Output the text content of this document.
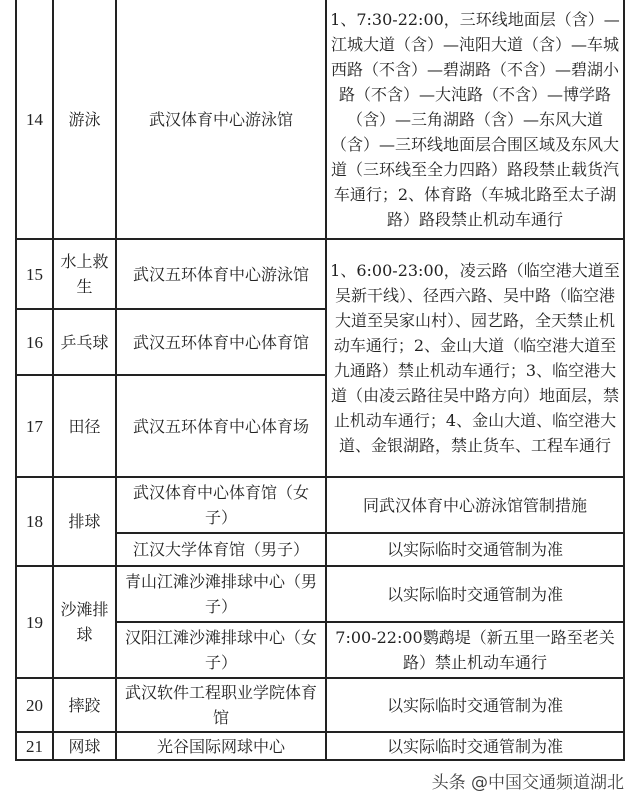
14	游泳	武汉体育中心游泳馆	1、7:30-22:00，三环线地面层（含）—江城大道（含）—沌阳大道（含）—车城西路（不含）—碧湖路（不含）—碧湖小路（不含）—大沌路（不含）—博学路（含）—三角湖路（含）—东风大道（含）—三环线地面层合围区域及东风大道（三环线至全力四路）路段禁止载货汽车通行；2、体育路（车城北路至太子湖路）路段禁止机动车通行
15	水上救生	武汉五环体育中心游泳馆	1、6:00-23:00，凌云路（临空港大道至吴新干线）、径西六路、吴中路（临空港大道至吴家山村）、园艺路，全天禁止机动车通行；2、金山大道（临空港大道至九通路）禁止机动车通行；3、临空港大道（由凌云路往吴中路方向）地面层，禁止机动车通行；4、金山大道、临空港大道、金银湖路，禁止货车、工程车通行
16	乒乓球	武汉五环体育中心体育馆	
17	田径	武汉五环体育中心体育场	
18	排球	武汉体育中心体育馆（女子）	同武汉体育中心游泳馆管制措施
		江汉大学体育馆（男子）	以实际临时交通管制为准
19	沙滩排球	青山江滩沙滩排球中心（男子）	以实际临时交通管制为准
		汉阳江滩沙滩排球中心（女子）	7:00-22:00鹦鹉堤（新五里一路至老关路）禁止机动车通行
20	摔跤	武汉软件工程职业学院体育馆	以实际临时交通管制为准
21	网球	光谷国际网球中心	以实际临时交通管制为准
头条 @中国交通频道湖北
